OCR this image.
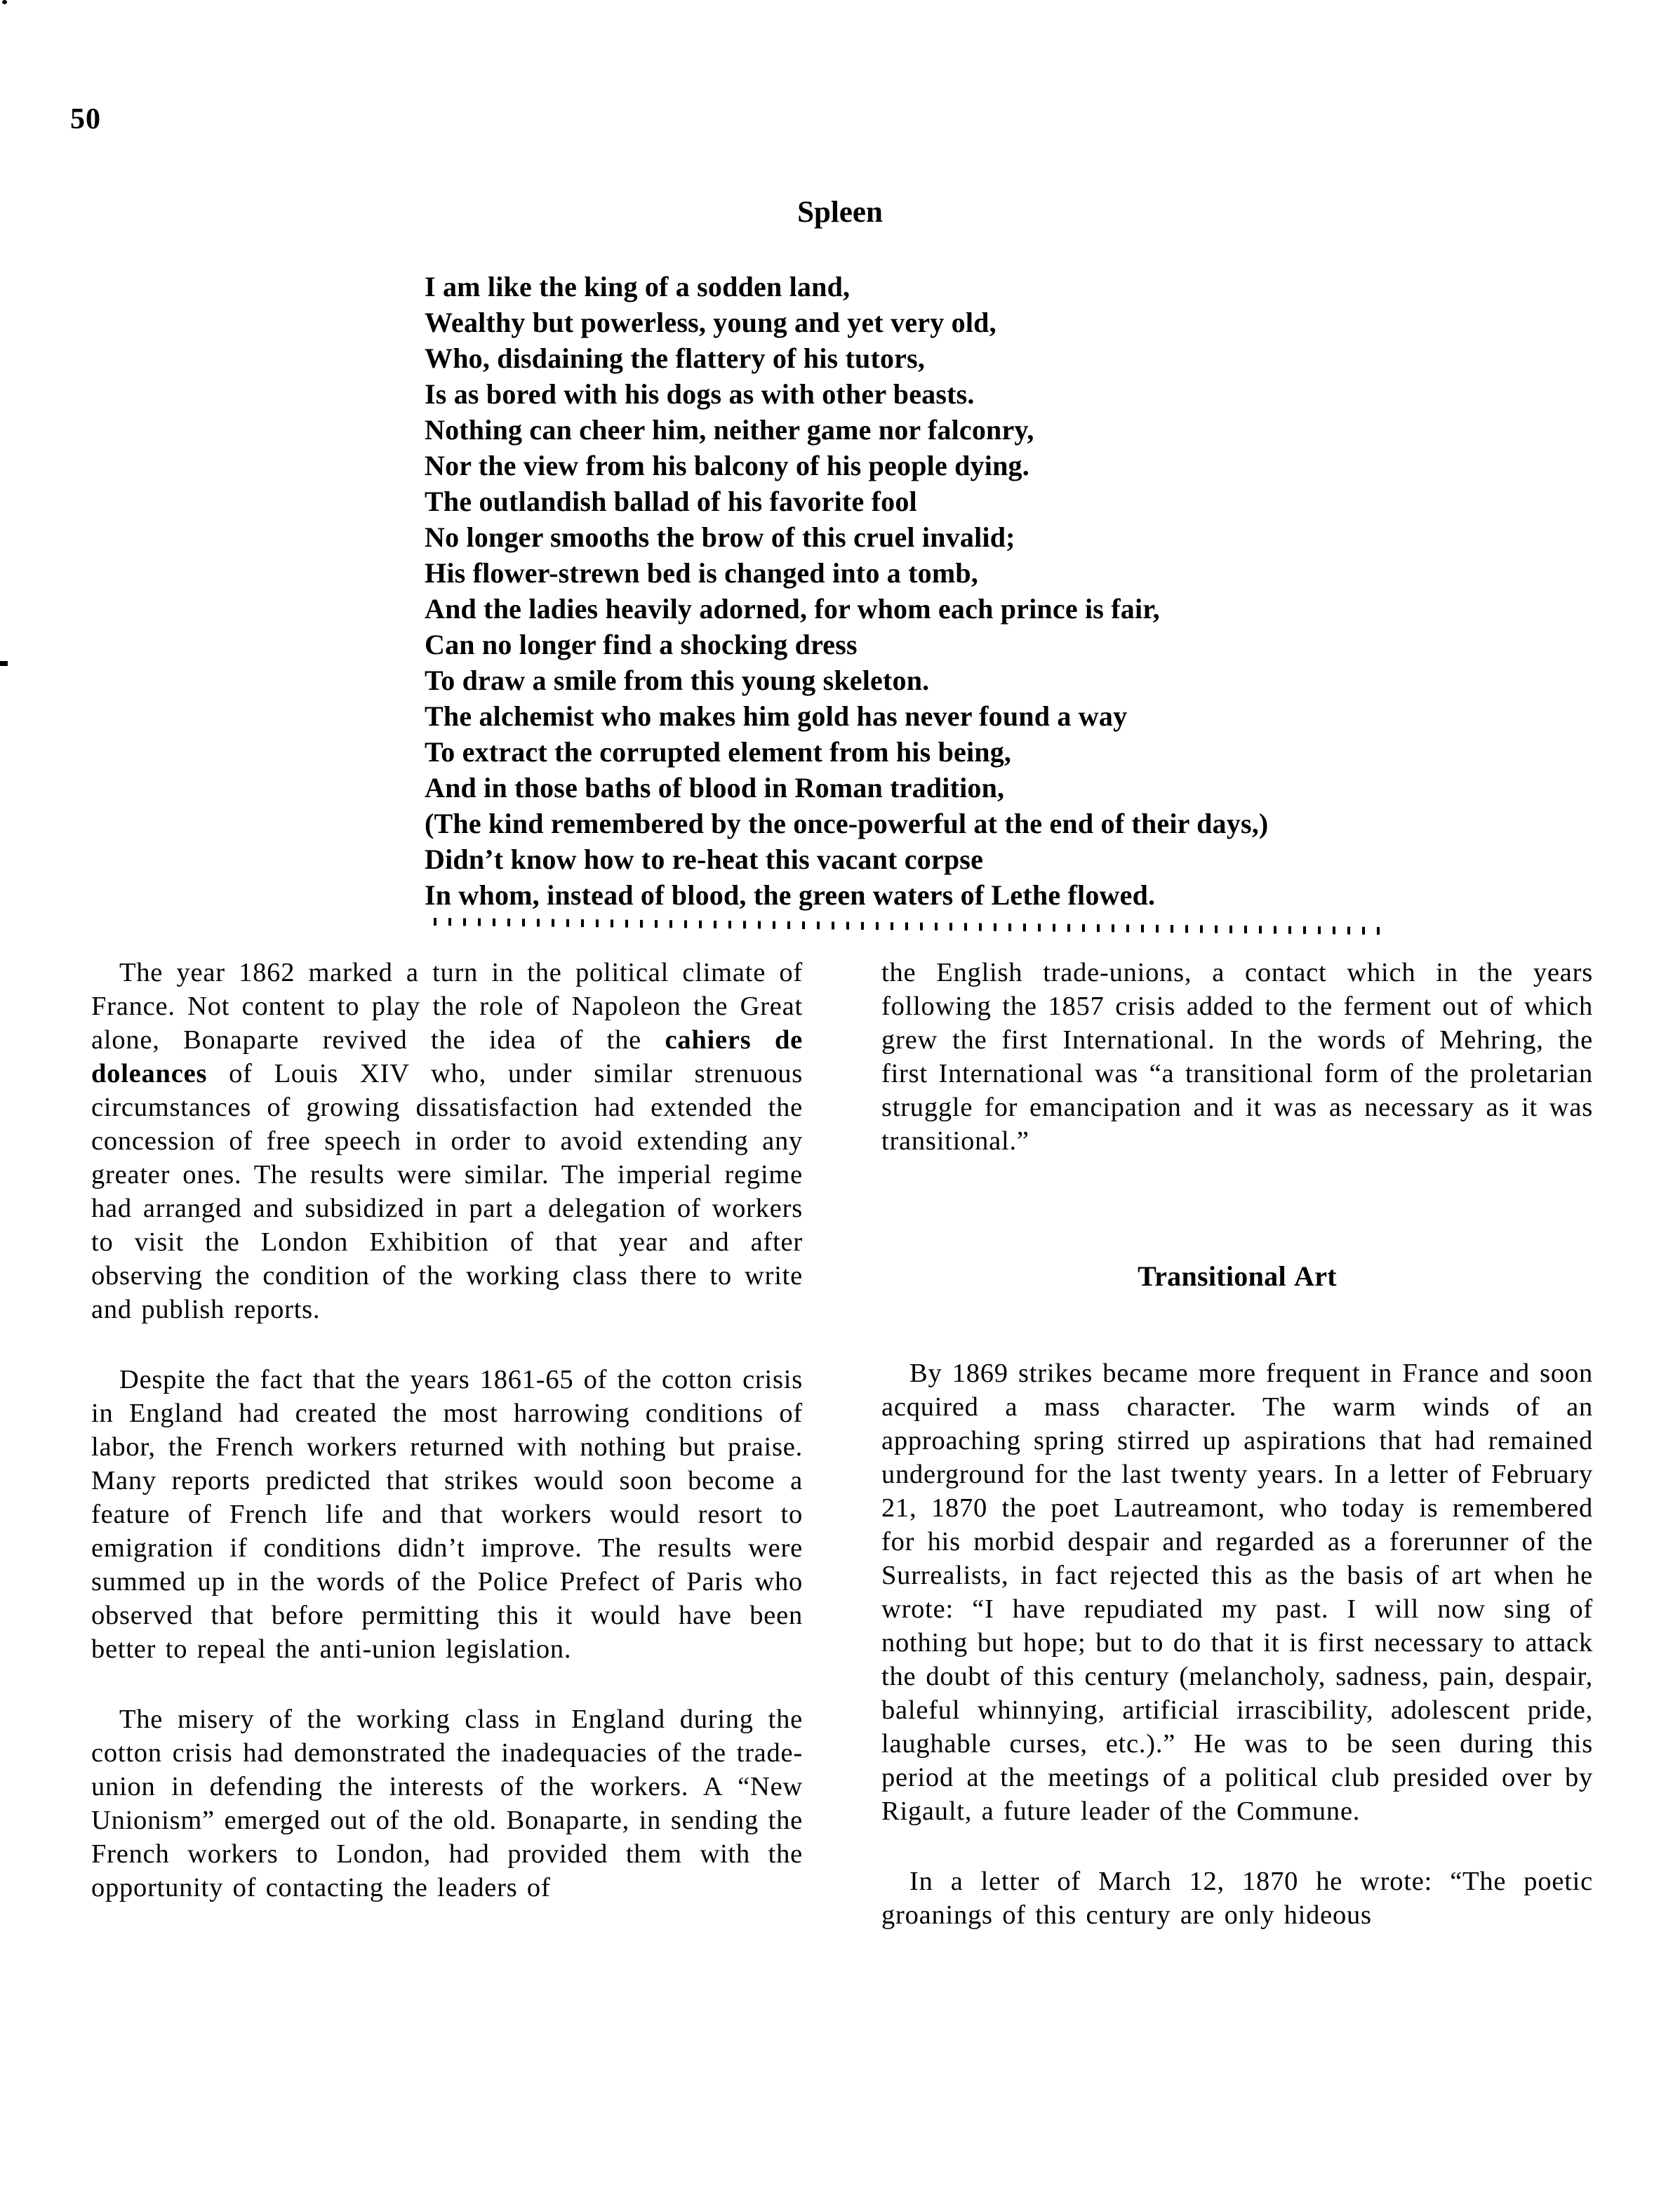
50
Spleen
I am like the king of a sodden land,
Wealthy but powerless, young and yet very old,
Who, disdaining the flattery of his tutors,
Is as bored with his dogs as with other beasts.
Nothing can cheer him, neither game nor falconry,
Nor the view from his balcony of his people dying.
The outlandish ballad of his favorite fool
No longer smooths the brow of this cruel invalid;
His flower-strewn bed is changed into a tomb,
And the ladies heavily adorned, for whom each prince is fair,
Can no longer find a shocking dress
To draw a smile from this young skeleton.
The alchemist who makes him gold has never found a way
To extract the corrupted element from his being,
And in those baths of blood in Roman tradition,
(The kind remembered by the once-powerful at the end of their days,)
Didn’t know how to re-heat this vacant corpse
In whom, instead of blood, the green waters of Lethe flowed.

The year 1862 marked a turn in the political climate of France. Not content to play the role of Napoleon the Great alone, Bonaparte revived the idea of the cahiers de doleances of Louis XIV who, under similar strenuous circumstances of growing dissatisfaction had extended the concession of free speech in order to avoid extending any greater ones. The results were similar. The imperial regime had arranged and subsidized in part a delegation of workers to visit the London Exhibition of that year and after observing the condition of the working class there to write and publish reports.

Despite the fact that the years 1861-65 of the cotton crisis in England had created the most harrowing conditions of labor, the French workers returned with nothing but praise. Many reports predicted that strikes would soon become a feature of French life and that workers would resort to emigration if conditions didn’t improve. The results were summed up in the words of the Police Prefect of Paris who observed that before permitting this it would have been better to repeal the anti-union legislation.

The misery of the working class in England during the cotton crisis had demonstrated the inadequacies of the trade-union in defending the interests of the workers. A “New Unionism” emerged out of the old. Bonaparte, in sending the French workers to London, had provided them with the opportunity of contacting the leaders of

the English trade-unions, a contact which in the years following the 1857 crisis added to the ferment out of which grew the first International. In the words of Mehring, the first International was “a transitional form of the proletarian struggle for emancipation and it was as necessary as it was transitional.”

Transitional Art

By 1869 strikes became more frequent in France and soon acquired a mass character. The warm winds of an approaching spring stirred up aspirations that had remained underground for the last twenty years. In a letter of February 21, 1870 the poet Lautreamont, who today is remembered for his morbid despair and regarded as a forerunner of the Surrealists, in fact rejected this as the basis of art when he wrote: “I have repudiated my past. I will now sing of nothing but hope; but to do that it is first necessary to attack the doubt of this century (melancholy, sadness, pain, despair, baleful whinnying, artificial irrascibility, adolescent pride, laughable curses, etc.).” He was to be seen during this period at the meetings of a political club presided over by Rigault, a future leader of the Commune.

In a letter of March 12, 1870 he wrote: “The poetic groanings of this century are only hideous
